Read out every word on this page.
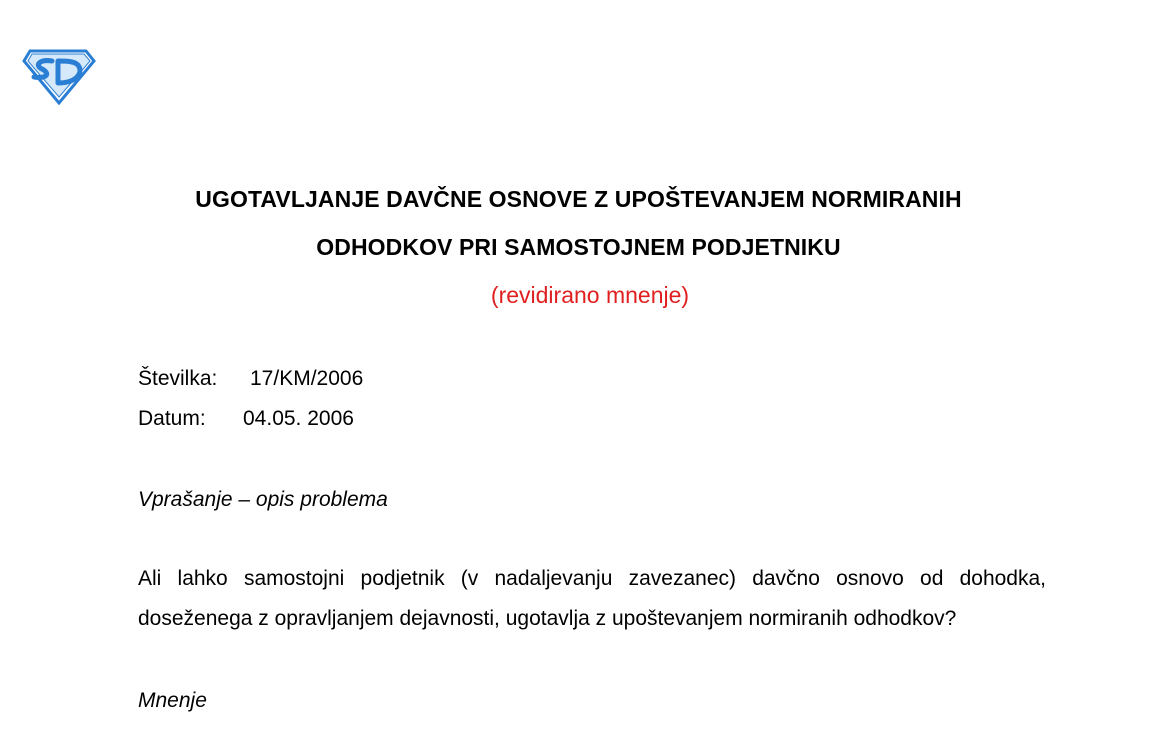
UGOTAVLJANJE DAVČNE OSNOVE Z UPOŠTEVANJEM NORMIRANIH
ODHODKOV PRI SAMOSTOJNEM PODJETNIKU
(revidirano mnenje)
Številka: 17/KM/2006
Datum: 04.05. 2006
Vprašanje – opis problema
Ali lahko samostojni podjetnik (v nadaljevanju zavezanec) davčno osnovo od dohodka,
doseženega z opravljanjem dejavnosti, ugotavlja z upoštevanjem normiranih odhodkov?
Mnenje
